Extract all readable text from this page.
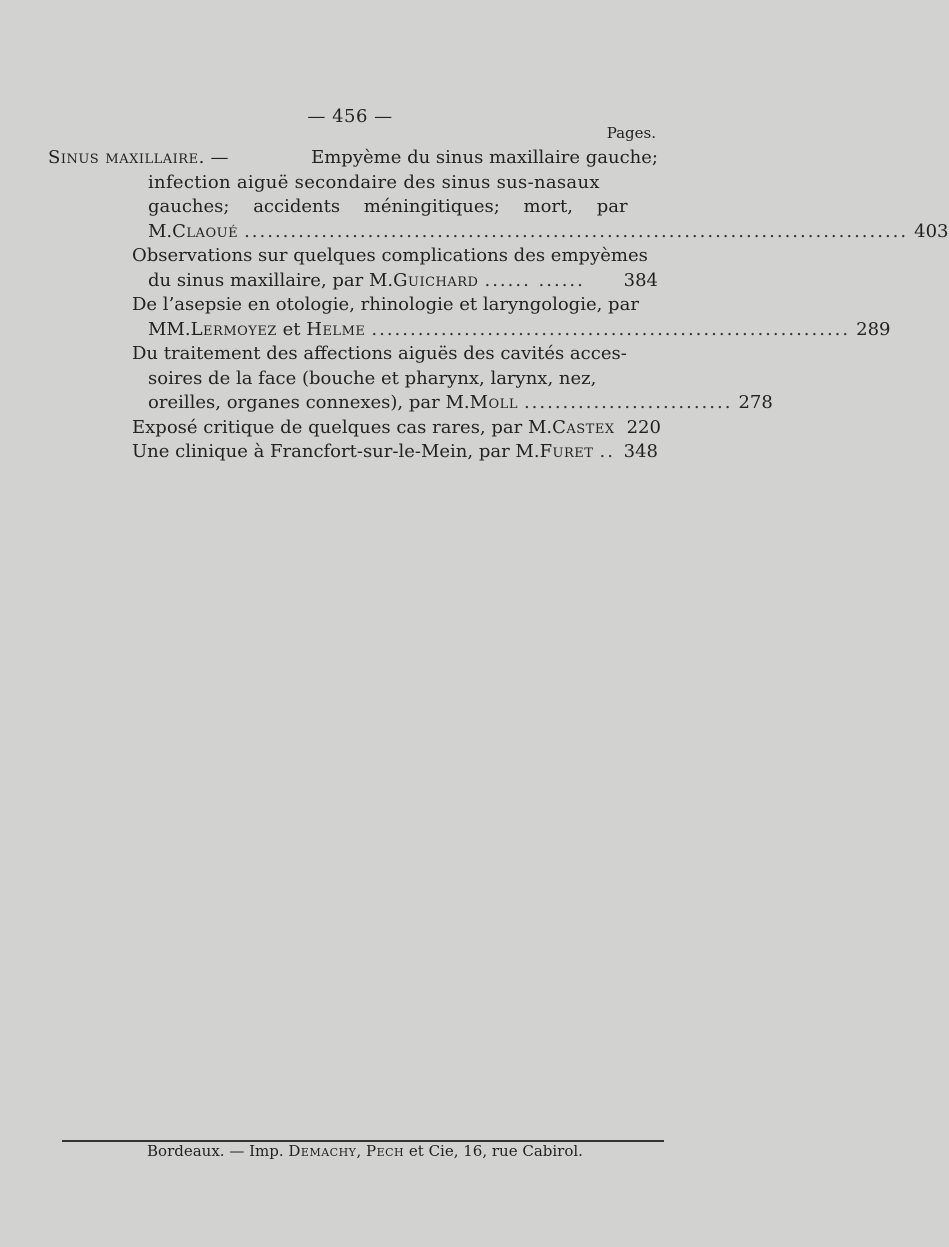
— 456 —
Pages.
Sinus maxillaire. —	Empyème du sinus maxillaire gauche;
infection aiguë secondaire des sinus sus-nasaux
gauches; accidents méningitiques; mort, par
M. Claoué ...................................................................................... 403
Observations sur quelques complications des empyèmes
du sinus maxillaire, par M. Guichard ...... ......	384
De l’asepsie en otologie, rhinologie et laryngologie, par
MM. Lermoyez et Helme .............................................................. 289
Du traitement des affections aiguës des cavités acces-
soires de la face (bouche et pharynx, larynx, nez,
oreilles, organes connexes), par M. Moll ........................... 278
Exposé critique de quelques cas rares, par M. Castex 220
Une clinique à Francfort-sur-le-Mein, par M. Furet .. 348
Bordeaux. — Imp. Demachy, Pech et Cie, 16, rue Cabirol.
